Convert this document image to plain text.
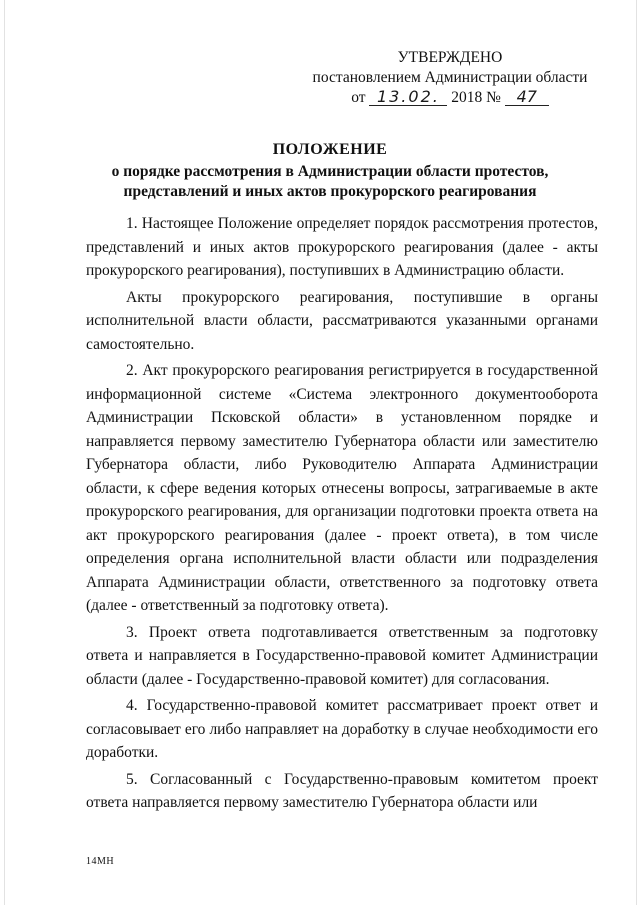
УТВЕРЖДЕНО
постановлением Администрации области
от 13.02. 2018 № 47
ПОЛОЖЕНИЕ
о порядке рассмотрения в Администрации области протестов,
представлений и иных актов прокурорского реагирования

1. Настоящее Положение определяет порядок рассмотрения протестов, представлений и иных актов прокурорского реагирования (далее - акты прокурорского реагирования), поступивших в Администрацию области.

Акты прокурорского реагирования, поступившие в органы исполнительной власти области, рассматриваются указанными органами самостоятельно.

2. Акт прокурорского реагирования регистрируется в государственной информационной системе «Система электронного документооборота Администрации Псковской области» в установленном порядке и направляется первому заместителю Губернатора области или заместителю Губернатора области, либо Руководителю Аппарата Администрации области, к сфере ведения которых отнесены вопросы, затрагиваемые в акте прокурорского реагирования, для организации подготовки проекта ответа на акт прокурорского реагирования (далее - проект ответа), в том числе определения органа исполнительной власти области или подразделения Аппарата Администрации области, ответственного за подготовку ответа (далее - ответственный за подготовку ответа).

3. Проект ответа подготавливается ответственным за подготовку ответа и направляется в Государственно-правовой комитет Администрации области (далее - Государственно-правовой комитет) для согласования.

4. Государственно-правовой комитет рассматривает проект ответ и согласовывает его либо направляет на доработку в случае необходимости его доработки.

5. Согласованный с Государственно-правовым комитетом проект ответа направляется первому заместителю Губернатора области или

14МН
